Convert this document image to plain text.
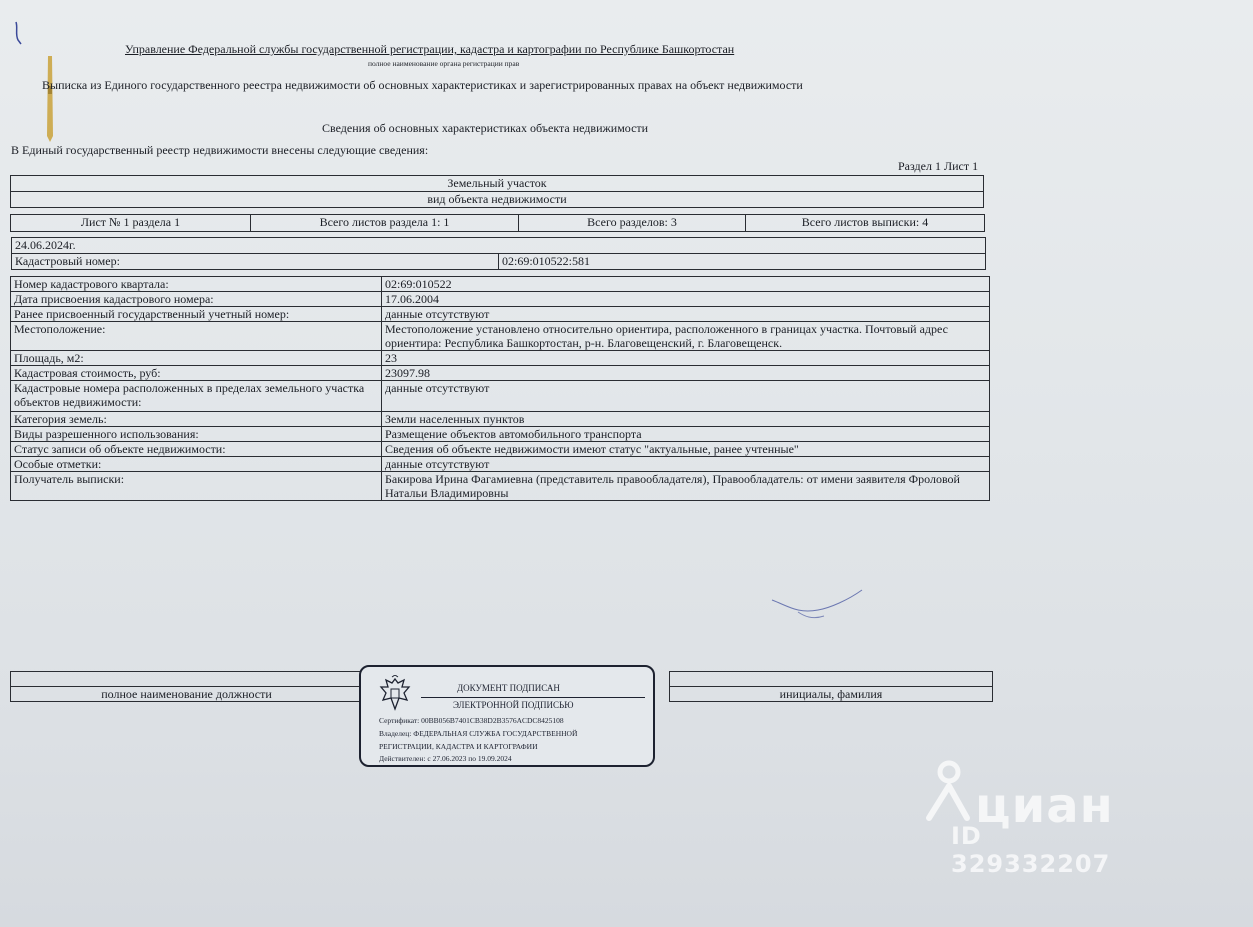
Управление Федеральной службы государственной регистрации, кадастра и картографии по Республике Башкортостан
полное наименование органа регистрации прав
Выписка из Единого государственного реестра недвижимости об основных характеристиках и зарегистрированных правах на объект недвижимости
Сведения об основных характеристиках объекта недвижимости
В Единый государственный реестр недвижимости внесены следующие сведения:
Раздел 1 Лист 1
Земельный участок
вид объекта недвижимости
Лист № 1 раздела 1	Всего листов раздела 1: 1	Всего разделов: 3	Всего листов выписки: 4
24.06.2024г.
Кадастровый номер:	02:69:010522:581
Номер кадастрового квартала:	02:69:010522
Дата присвоения кадастрового номера:	17.06.2004
Ранее присвоенный государственный учетный номер:	данные отсутствуют
Местоположение:	Местоположение установлено относительно ориентира, расположенного в границах участка. Почтовый адрес ориентира: Республика Башкортостан, р-н. Благовещенский, г. Благовещенск.
Площадь, м2:	23
Кадастровая стоимость, руб:	23097.98
Кадастровые номера расположенных в пределах земельного участка объектов недвижимости:	данные отсутствуют
Категория земель:	Земли населенных пунктов
Виды разрешенного использования:	Размещение объектов автомобильного транспорта
Статус записи об объекте недвижимости:	Сведения об объекте недвижимости имеют статус "актуальные, ранее учтенные"
Особые отметки:	данные отсутствуют
Получатель выписки:	Бакирова Ирина Фагамиевна (представитель правообладателя), Правообладатель: от имени заявителя Фроловой Натальи Владимировны

полное наименование должности		инициалы, фамилия
ДОКУМЕНТ ПОДПИСАН
ЭЛЕКТРОННОЙ ПОДПИСЬЮ
Сертификат: 00BB056B7401CB38D2B3576ACDC8425108
Владелец: ФЕДЕРАЛЬНАЯ СЛУЖБА ГОСУДАРСТВЕННОЙ
РЕГИСТРАЦИИ, КАДАСТРА И КАРТОГРАФИИ
Действителен: с 27.06.2023 по 19.09.2024
циан
ID 329332207
